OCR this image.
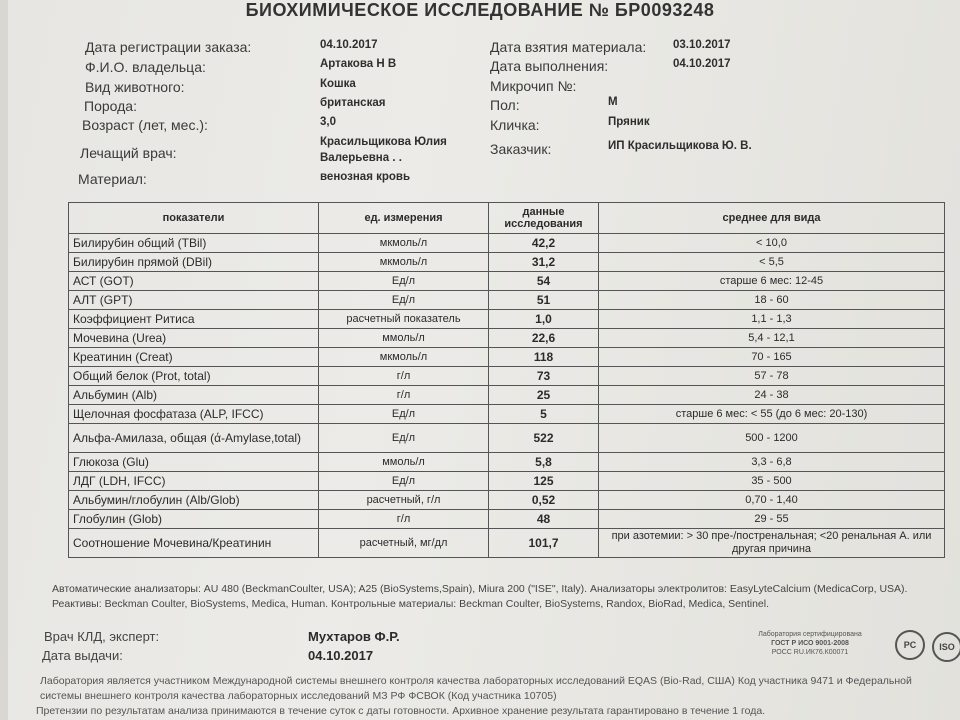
БИОХИМИЧЕСКОЕ ИССЛЕДОВАНИЕ № БР0093248
Дата регистрации заказа:	04.10.2017
Ф.И.О. владельца:	Артакова Н В
Вид животного:	Кошка
Порода:	британская
Возраст (лет, мес.):	3,0
Лечащий врач:
Красильщикова Юлия
Валерьевна . .
Материал:	венозная кровь
Дата взятия материала: 03.10.2017
Дата выполнения:	04.10.2017
Микрочип №:
Пол:	М
Кличка:	Пряник
Заказчик:	ИП Красильщикова Ю. В.
показатели	ед. измерения	данные исследования	среднее для вида
Билирубин общий (TBil)	мкмоль/л	42,2	< 10,0
Билирубин прямой (DBil)	мкмоль/л	31,2	< 5,5
АСТ (GOT)	Ед/л	54	старше 6 мес: 12-45
АЛТ (GPT)	Ед/л	51	18 - 60
Коэффициент Ритиса	расчетный показатель	1,0	1,1 - 1,3
Мочевина (Urea)	ммоль/л	22,6	5,4 - 12,1
Креатинин (Creat)	мкмоль/л	118	70 - 165
Общий белок (Prot, total)	г/л	73	57 - 78
Альбумин (Alb)	г/л	25	24 - 38
Щелочная фосфатаза (ALP, IFCC)	Ед/л	5	старше 6 мес: < 55 (до 6 мес: 20-130)
Альфа-Амилаза, общая (ά-Amylase,total)	Ед/л	522	500 - 1200
Глюкоза (Glu)	ммоль/л	5,8	3,3 - 6,8
ЛДГ (LDH, IFCC)	Ед/л	125	35 - 500
Альбумин/глобулин (Alb/Glob)	расчетный, г/л	0,52	0,70 - 1,40
Глобулин (Glob)	г/л	48	29 - 55
Соотношение Мочевина/Креатинин	расчетный, мг/дл	101,7	при азотемии: > 30 пре-/постренальная; <20 ренальная А. или другая причина
Автоматические анализаторы: AU 480 (BeckmanCoulter, USA); A25 (BioSystems,Spain), Miura 200 ("ISE", Italy). Анализаторы электролитов: EasyLyteCalcium (MedicaCorp, USA).
Реактивы: Beckman Coulter, BioSystems, Medica, Human. Контрольные материалы: Beckman Coulter, BioSystems, Randox, BioRad, Medica, Sentinel.
Врач КЛД, эксперт:	Мухтаров Ф.Р.
Дата выдачи:	04.10.2017
Лаборатория сертифицирована
ГОСТ Р ИСО 9001-2008
РОСС RU.ИК76.К00071
PC	ISO
Лаборатория является участником Международной системы внешнего контроля качества лабораторных исследований EQAS (Bio-Rad, США) Код участника 9471 и Федеральной
системы внешнего контроля качества лабораторных исследований МЗ РФ ФСВОК (Код участника 10705)
Претензии по результатам анализа принимаются в течение суток с даты готовности. Архивное хранение результата гарантировано в течение 1 года.
